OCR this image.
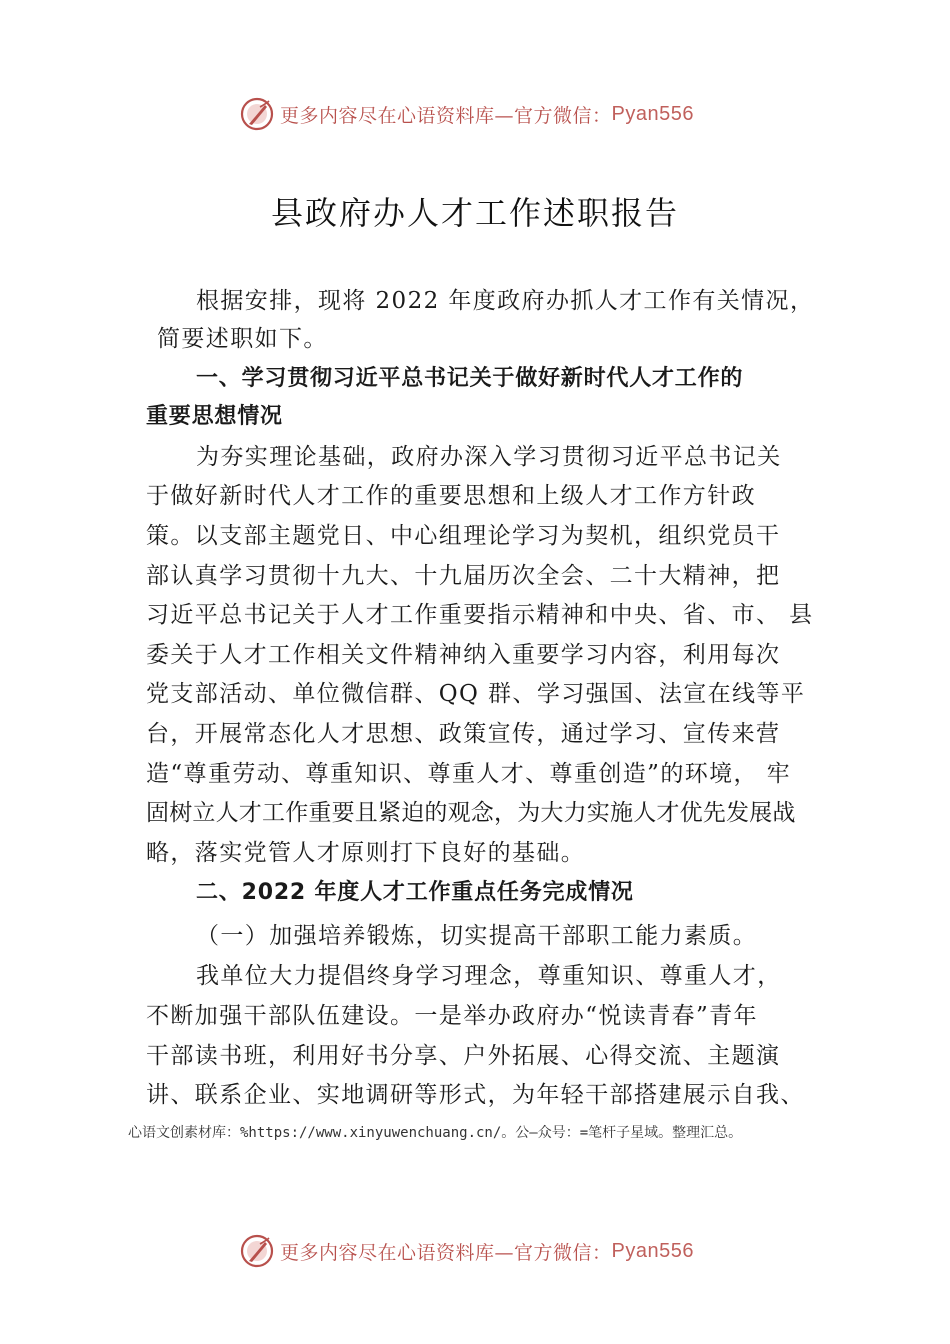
更多内容尽在心语资料库—官方微信： Pyan556
县政府办人才工作述职报告
根据安排，现将 2022 年度政府办抓人才工作有关情况，
简要述职如下。
一、学习贯彻习近平总书记关于做好新时代人才工作的
重要思想情况
为夯实理论基础，政府办深入学习贯彻习近平总书记关
于做好新时代人才工作的重要思想和上级人才工作方针政
策。以支部主题党日、中心组理论学习为契机，组织党员干
部认真学习贯彻十九大、十九届历次全会、二十大精神，把
习近平总书记关于人才工作重要指示精神和中央、省、市、 县
委关于人才工作相关文件精神纳入重要学习内容，利用每次
党支部活动、单位微信群、QQ 群、学习强国、法宣在线等平
台，开展常态化人才思想、政策宣传，通过学习、宣传来营
造“尊重劳动、尊重知识、尊重人才、尊重创造”的环境， 牢
固树立人才工作重要且紧迫的观念，为大力实施人才优先发展战
略，落实党管人才原则打下良好的基础。
二、2022 年度人才工作重点任务完成情况
（一）加强培养锻炼，切实提高干部职工能力素质。
我单位大力提倡终身学习理念，尊重知识、尊重人才，
不断加强干部队伍建设。一是举办政府办“悦读青春”青年
干部读书班，利用好书分享、户外拓展、心得交流、主题演
讲、联系企业、实地调研等形式，为年轻干部搭建展示自我、
心语文创素材库：%https://www.xinyuwenchuang.cn/。公—众号：=笔杆子星域。整理汇总。
更多内容尽在心语资料库—官方微信： Pyan556
